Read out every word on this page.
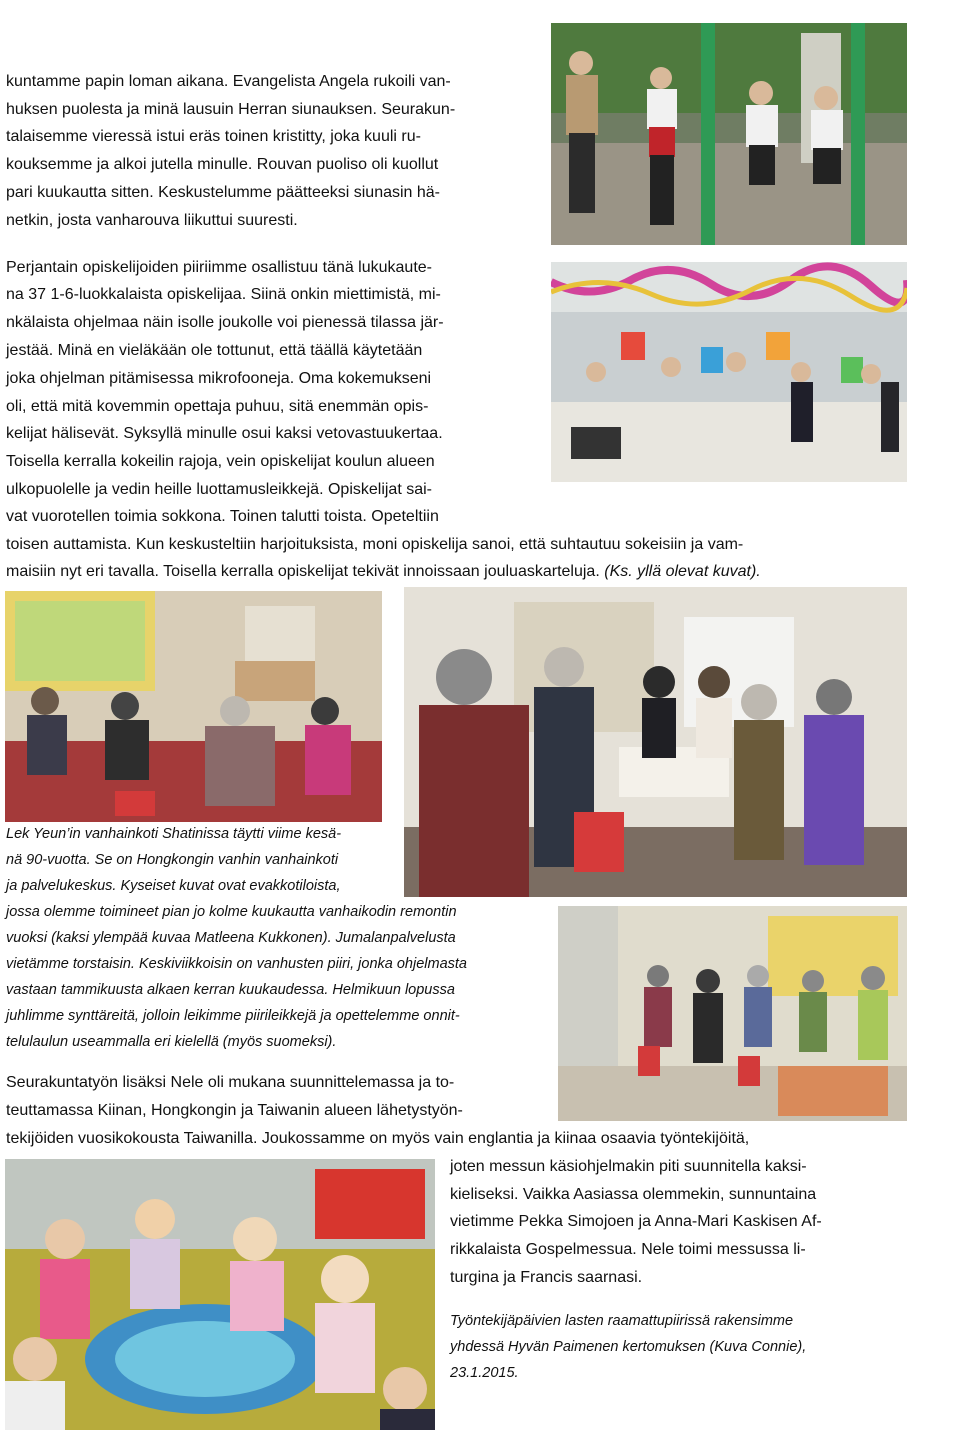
kuntamme papin loman aikana. Evangelista Angela rukoili van-
huksen puolesta ja minä lausuin Herran siunauksen. Seurakun-
talaisemme vieressä istui eräs toinen kristitty, joka kuuli ru-
kouksemme ja alkoi jutella minulle. Rouvan puoliso oli kuollut
pari kuukautta sitten. Keskustelumme päätteeksi siunasin hä-
netkin, josta vanharouva liikuttui suuresti.
Perjantain opiskelijoiden piiriimme osallistuu tänä lukukaute-
na 37 1-6-luokkalaista opiskelijaa. Siinä onkin miettimistä, mi-
nkälaista ohjelmaa näin isolle joukolle voi pienessä tilassa jär-
jestää. Minä en vieläkään ole tottunut, että täällä käytetään
joka ohjelman pitämisessa mikrofooneja. Oma kokemukseni
oli, että mitä kovemmin opettaja puhuu, sitä enemmän opis-
kelijat hälisevät. Syksyllä minulle osui kaksi vetovastuukertaa.
Toisella kerralla kokeilin rajoja, vein opiskelijat koulun alueen
ulkopuolelle ja vedin heille luottamusleikkejä. Opiskelijat sai-
vat vuorotellen toimia sokkona. Toinen talutti toista. Opeteltiin
toisen auttamista. Kun keskusteltiin harjoituksista, moni opiskelija sanoi, että suhtautuu sokeisiin ja vam-
maisiin nyt eri tavalla. Toisella kerralla opiskelijat tekivät innoissaan jouluaskarteluja. (Ks. yllä olevat kuvat).
Lek Yeun’in vanhainkoti Shatinissa täytti viime kesä-
nä 90-vuotta. Se on Hongkongin vanhin vanhainkoti
ja palvelukeskus. Kyseiset kuvat ovat evakkotiloista,
jossa olemme toimineet pian jo kolme kuukautta vanhaikodin remontin
vuoksi (kaksi ylempää kuvaa Matleena Kukkonen). Jumalanpalvelusta
vietämme torstaisin. Keskiviikkoisin on vanhusten piiri, jonka ohjelmasta
vastaan tammikuusta alkaen kerran kuukaudessa. Helmikuun lopussa
juhlimme synttäreitä, jolloin leikimme piirileikkejä ja opettelemme onnit-
telulaulun useammalla eri kielellä (myös suomeksi).
Seurakuntatyön lisäksi Nele oli mukana suunnittelemassa ja to-
teuttamassa Kiinan, Hongkongin ja Taiwanin alueen lähetystyön-
tekijöiden vuosikokousta Taiwanilla. Joukossamme on myös vain englantia ja kiinaa osaavia työntekijöitä,
joten messun käsiohjelmakin piti suunnitella kaksi-
kieliseksi. Vaikka Aasiassa olemmekin, sunnuntaina
vietimme Pekka Simojoen ja Anna-Mari Kaskisen Af-
rikkalaista Gospelmessua. Nele toimi messussa li-
turgina ja Francis saarnasi.
Työntekijäpäivien lasten raamattupiirissä rakensimme
yhdessä Hyvän Paimenen kertomuksen (Kuva Connie),
23.1.2015.
